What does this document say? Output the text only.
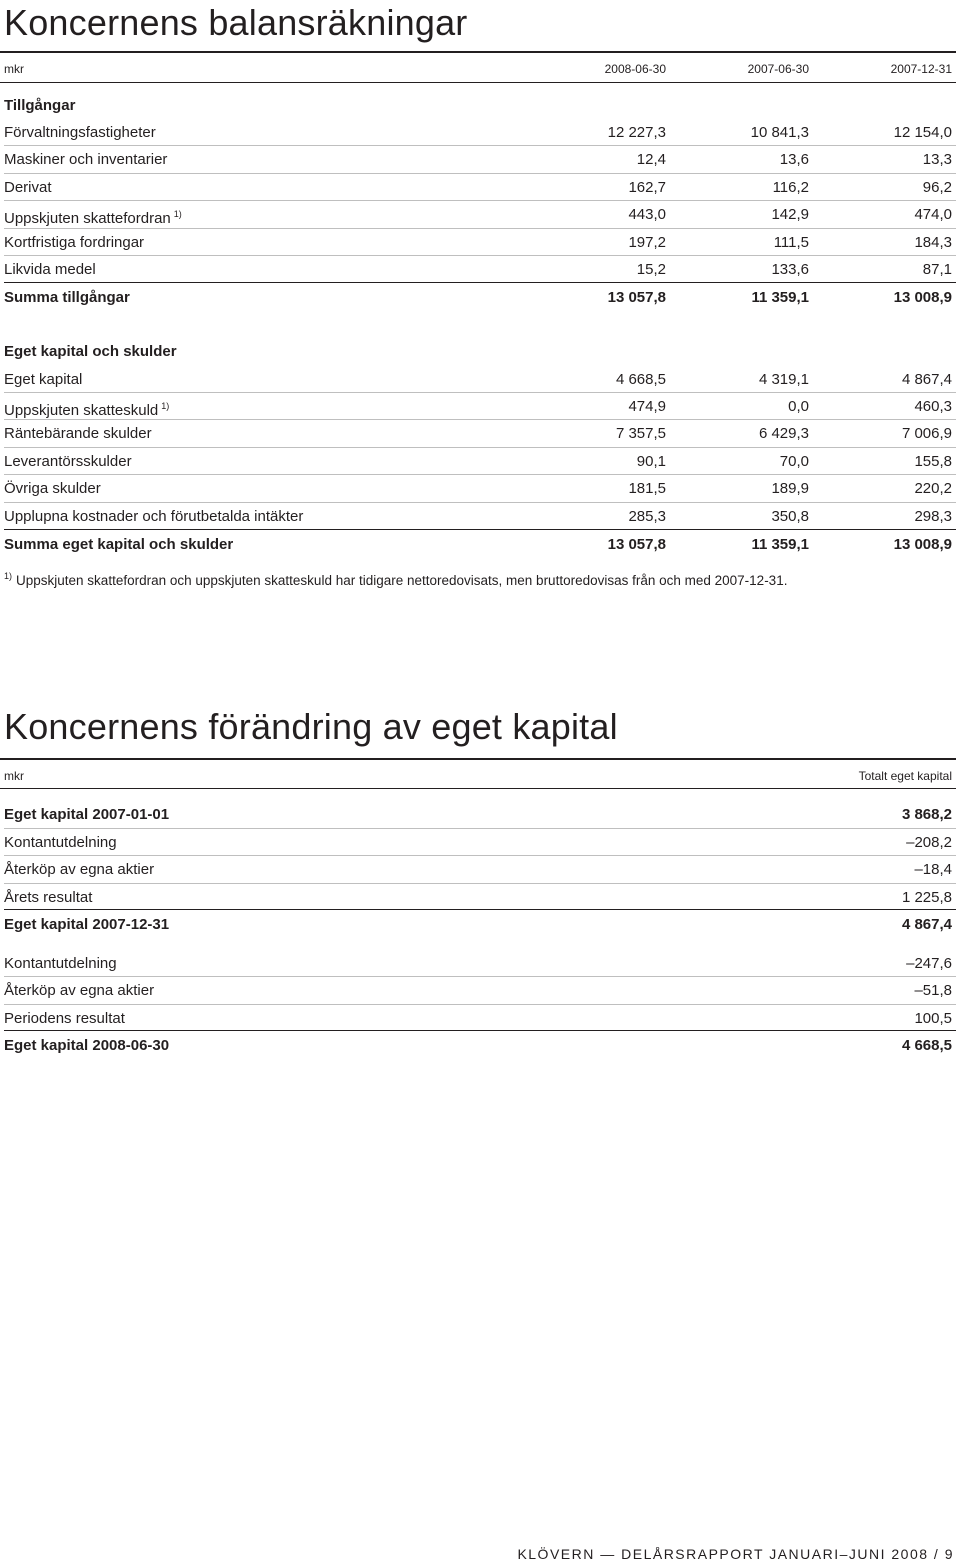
Koncernens balansräkningar
mkr	2008-06-30	2007-06-30	2007-12-31
Tillgångar
Förvaltningsfastigheter	12 227,3	10 841,3	12 154,0
Maskiner och inventarier	12,4	13,6	13,3
Derivat	162,7	116,2	96,2
Uppskjuten skattefordran $^{1)}$	443,0	142,9	474,0
Kortfristiga fordringar	197,2	111,5	184,3
Likvida medel	15,2	133,6	87,1
Summa tillgångar	13 057,8	11 359,1	13 008,9
Eget kapital och skulder
Eget kapital	4 668,5	4 319,1	4 867,4
Uppskjuten skatteskuld $^{1)}$	474,9	0,0	460,3
Räntebärande skulder	7 357,5	6 429,3	7 006,9
Leverantörsskulder	90,1	70,0	155,8
Övriga skulder	181,5	189,9	220,2
Upplupna kostnader och förutbetalda intäkter	285,3	350,8	298,3
Summa eget kapital och skulder	13 057,8	11 359,1	13 008,9
$^{1)}$ Uppskjuten skattefordran och uppskjuten skatteskuld har tidigare nettoredovisats, men bruttoredovisas från och med 2007-12-31.
Koncernens förändring av eget kapital
mkr	Totalt eget kapital
Eget kapital 2007-01-01	3 868,2
Kontantutdelning	–208,2
Återköp av egna aktier	–18,4
Årets resultat	1 225,8
Eget kapital 2007-12-31	4 867,4
Kontantutdelning	–247,6
Återköp av egna aktier	–51,8
Periodens resultat	100,5
Eget kapital 2008-06-30	4 668,5
KLÖVERN — DELÅRSRAPPORT JANUARI–JUNI 2008 / 9
